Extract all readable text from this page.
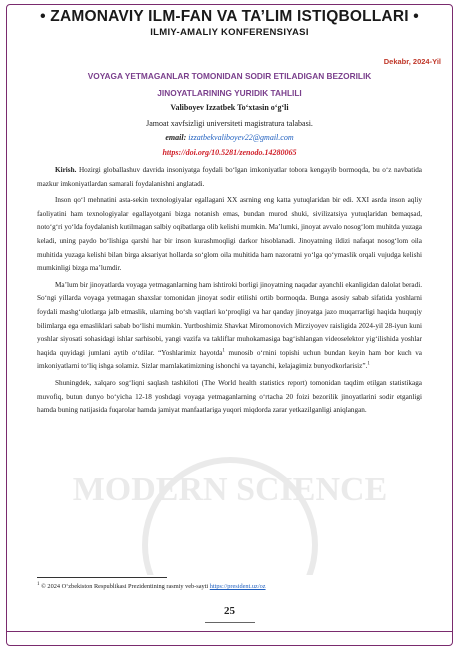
• ZAMONAVIY ILM-FAN VA TA’LIM ISTIQBOLLARI •
ILMIY-AMALIY KONFERENSIYASI
Dekabr, 2024-Yil
VOYAGA YETMAGANLAR TOMONIDAN SODIR ETILADIGAN BEZORILIK
JINOYATLARINING YURIDIK TAHLILI
Valiboyev Izzatbek To‘xtasin o‘g‘li
Jamoat xavfsizligi universiteti magistratura talabasi.
email: izzatbekvaliboyev22@gmail.com
https://doi.org/10.5281/zenodo.14280065
MODERN SCIENCE

Kirish. Hozirgi globallashuv davrida insoniyatga foydali bo‘lgan imkoniyatlar tobora kengayib bormoqda, bu o‘z navbatida mazkur imkoniyatlardan samarali foydalanishni anglatadi.

Inson qo‘l mehnatini asta-sekin texnologiyalar egallagani XX asrning eng katta yutuqlaridan bir edi. XXI asrda inson aqliy faoliyatini ham texnologiyalar egallayotgani bizga notanish emas, bundan murod shuki, sivilizatsiya yutuqlaridan bemaqsad, noto‘g‘ri yo‘lda foydalanish kutilmagan salbiy oqibatlarga olib kelishi mumkin. Ma’lumki, jinoyat avvalo nosog‘lom muhitda yuzaga keladi, uning paydo bo‘lishiga qarshi har bir inson kurashmoqligi darkor hisoblanadi. Jinoyatning ildizi nafaqat nosog‘lom oila muhitida yuzaga kelishi bilan birga aksariyat hollarda so‘glom oila muhitida ham nazoratni yo‘lga qo‘ymaslik orqali vujudga kelishi mumkinligi bizga ma’lumdir.

Ma’lum bir jinoyatlarda voyaga yetmaganlarning ham ishtiroki borligi jinoyatning naqadar ayanchli ekanligidan dalolat beradi. So‘ngi yillarda voyaga yetmagan shaxslar tomonidan jinoyat sodir etilishi ortib bormoqda. Bunga asosiy sabab sifatida yoshlarni foydali mashg‘ulotlarga jalb etmaslik, ularning bo‘sh vaqtlari ko‘proqligi va har qanday jinoyatga jazo muqarrarligi haqida huquqiy bilimlarga ega emasliklari sabab bo‘lishi mumkin. Yurtboshimiz Shavkat Miromonovich Mirziyoyev raisligida 2024-yil 28-iyun kuni yoshlar siyosati sohasidagi ishlar sarhisobi, yangi vazifa va takliflar muhokamasiga bag‘ishlangan videoselektor yig‘ilishida yoshlar haqida quyidagi jumlani aytib o‘tdilar. “Yoshlarimiz hayotda$^1$ munosib o‘rnini topishi uchun bundan keyin ham bor kuch va imkoniyatlarni to‘liq ishga solamiz. Sizlar mamlakatimizning ishonchi va tayanchi, kelajagimiz bunyodkorlarisiz”.$^1$

Shuningdek, xalqaro sog‘liqni saqlash tashkiloti (The World health statistics report) tomonidan taqdim etilgan statistikaga muvofiq, butun dunyo bo‘yicha 12-18 yoshdagi voyaga yetmaganlarning o‘rtacha 20 foizi bezorilik jinoyatlarini sodir etganligi hamda buning natijasida fuqarolar hamda jamiyat manfaatlariga yuqori miqdorda zarar yetkazilganligi aniqlangan.

$^1$ © 2024 O‘zbekiston Respublikasi Prezidentining rasmiy veb-sayti https://president.uz/oz
25
